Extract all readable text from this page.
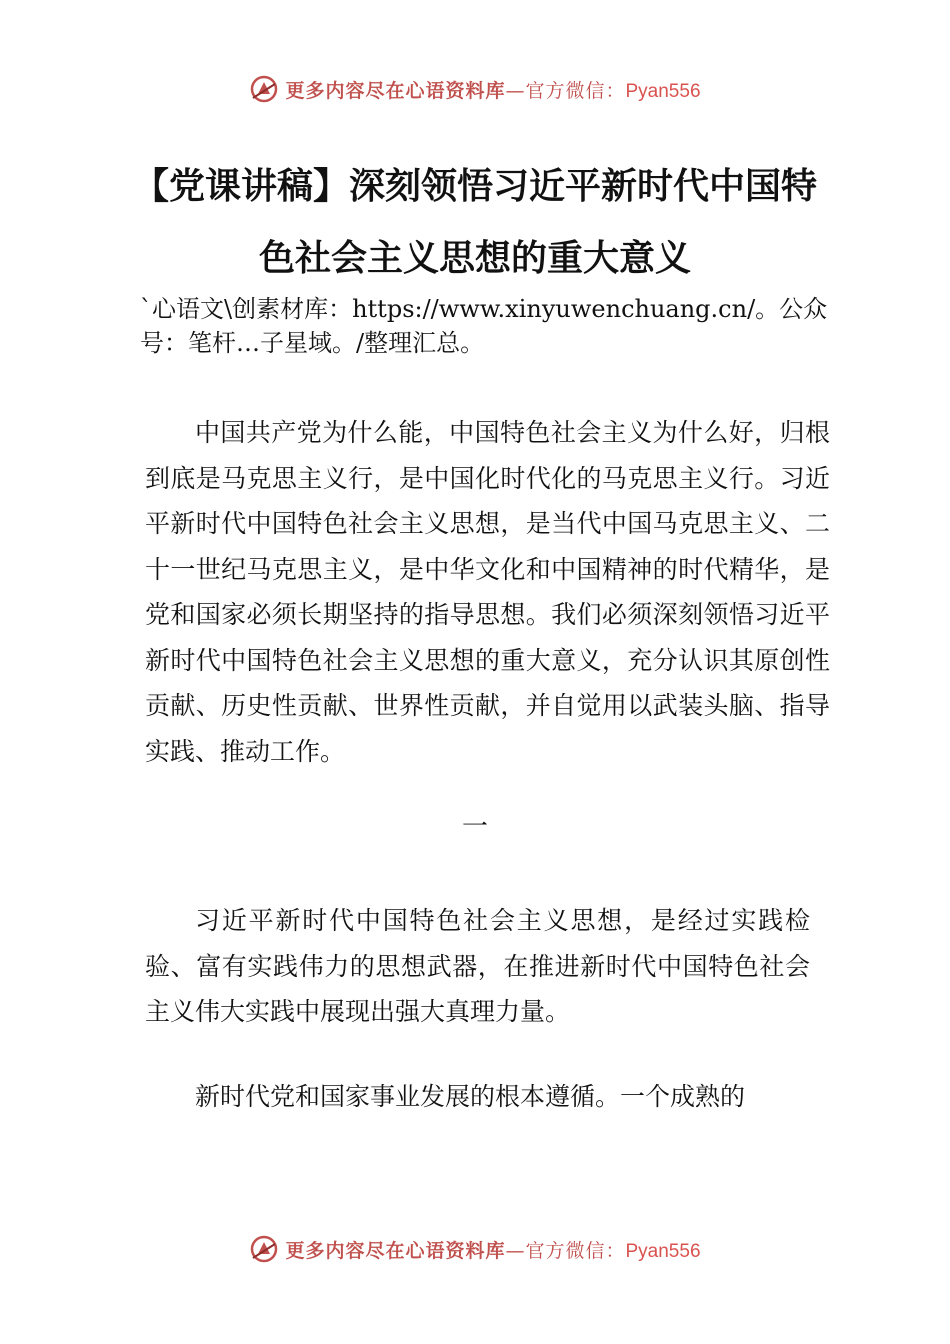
更多内容尽在心语资料库—官方微信：Pyan556
【党课讲稿】深刻领悟习近平新时代中国特
色社会主义思想的重大意义
`心语文\创素材库：https://www.xinyuwenchuang.cn/。公众号：笔杆…子星域。/整理汇总。
中国共产党为什么能，中国特色社会主义为什么好，归根到底是马克思主义行，是中国化时代化的马克思主义行。习近平新时代中国特色社会主义思想，是当代中国马克思主义、二十一世纪马克思主义，是中华文化和中国精神的时代精华，是党和国家必须长期坚持的指导思想。我们必须深刻领悟习近平新时代中国特色社会主义思想的重大意义，充分认识其原创性贡献、历史性贡献、世界性贡献，并自觉用以武装头脑、指导实践、推动工作。
一
习近平新时代中国特色社会主义思想，是经过实践检验、富有实践伟力的思想武器，在推进新时代中国特色社会主义伟大实践中展现出强大真理力量。
新时代党和国家事业发展的根本遵循。一个成熟的
更多内容尽在心语资料库—官方微信：Pyan556
